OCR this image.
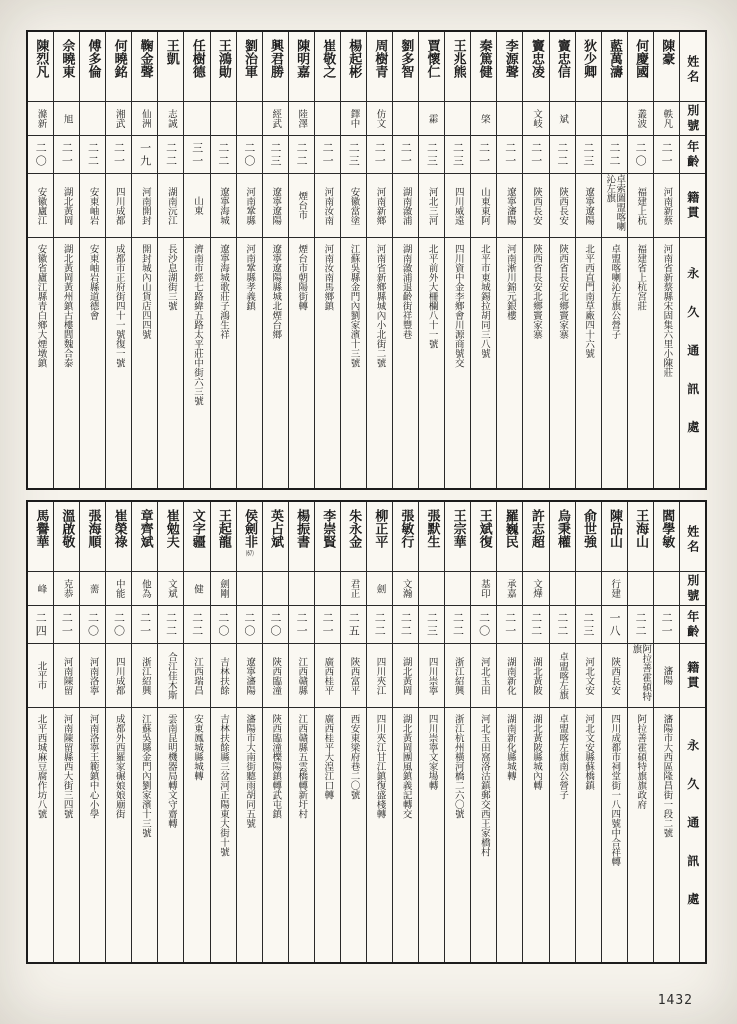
姓名
別號
年齡
籍貫
永久通訊處
陳豪
軼凡
二一
河南新蔡
河南省新蔡縣宋固集六里小陳莊
何慶國
叢波
二〇
福建上杭
福建省上杭宮莊
藍萬濤
二二
卓索圖盟喀喇沁左旗
卓盟喀喇沁左旗公營子
狄少卿
二三
遼寧遼陽
北平西直門南草廠四十六號
竇忠信
斌
二二
陝西長安
陝西省長安北鄉竇家寨
竇忠凌
文岐
二一
陝西長安
陝西省長安北鄉竇家寨
李源聲
二一
遼寧瀋陽
河南淅川錦元銀樓
秦篤健
棨
二一
山東東阿
北平市東城錫拉胡同三八號
王兆熊
二三
四川威遠
四川資中金李鄉會川源商號交
賈懷仁
霦
二三
河北三河
北平前外大柵欄八十一號
劉多智
二一
湖南漵浦
湖南漵浦退齡街祥豐巷
周樹青
仿文
二一
河南新鄉
河南省新鄉縣城內小北街二號
楊起彬
鐸中
二三
安徽當塗
江蘇吳縣金門內劉家濱十三號
崔敬之
二一
河南汝南
河南汝南馬鄉鎮
陳明嘉
陸澤
二二
煙台市
煙台市朝陽街轉
興君勝
經武
二三
遼寧遼陽
遼寧遼陽縣城北煙台鄉
劉治軍
二〇
河南鞏縣
河南鞏縣孝義鎮
王鴻勛
二二
遼寧海城
遼寧海城歌莊子鴻生祥
任樹德
三一
山東
濟南市經七路緯五路太平莊中街六三號
王凱
志誠
二二
湖南沅江
長沙息湖街三號
鞠金聲
仙洲
一九
河南開封
開封城內山貨店四四號
何曉銘
湘武
二一
四川成都
成都市正府街四十一號復一號
傅多倫
二二
安東岫岩
安東岫岩縣道德會
佘曉東
旭
二一
湖北黃岡
湖北黃岡黃州鎮古樓閭魏合泰
陳烈凡
滌新
二〇
安徽廬江
安徽省廬江縣青白鄉大煙墩鎮
姓名
別號
年齡
籍貫
永久通訊處
閻學敏
二一
瀋陽
瀋陽市大西區隆昌街一段二號
王海山
二二
阿拉善霍碩特旗
阿拉善霍碩特旗旗政府
陳品山
行建
一八
陝西長安
四川成都市祠堂街一八四號中合祥轉
俞世強
二三
河北文安
河北文安縣蘇橋鎮
烏秉權
二二
卓盟喀左旗
卓盟喀左旗南公營子
許志超
文燁
二二
湖北黃陂
湖北黃陂縣城內轉
羅巍民
承嘉
二一
湖南新化
湖南新化縣城轉
王斌復
基印
二〇
河北玉田
河北玉田窩洛沽鎮郵交西王家橋村
王宗華
二二
浙江紹興
浙江杭州橫河橋二六〇號
張默生
二三
四川崇寧
四川崇寧文家場轉
張敏行
文瀚
二二
湖北黃岡
湖北黃岡團風鎮義記轉交
柳正平
劍
二二
四川夾江
四川夾江甘江鎮復盛棧轉
朱永金
君正
二五
陝西富平
西安東梁府巷二〇號
李崇賢
二一
廣西桂平
廣西桂平大湟江口轉
楊振書
二一
江西贛縣
江西贛縣五雲橋轉新圩村
英占斌
二〇
陝西臨潼
陝西臨潼櫟陽鎮轉武屯鎮
侯劍非
(67)
二〇
遼寧瀋陽
瀋陽市大南街聽雨胡同五號
王起龍
劍剛
二〇
吉林扶餘
吉林扶餘縣三岔河正陽東大街十號
文字疆
健
二二
江西瑞昌
安東鳳城縣城轉
崔勉夫
文斌
二二
合江佳木斯
雲南昆明機器局轉文守齋轉
章齊斌
他為
二一
浙江紹興
江蘇吳縣金門內劉家濱十三號
崔榮祿
中能
二〇
四川成都
成都外西羅家碾娘娘廟街
張海順
薷
二〇
河南洛寧
河南洛寧王範鎮中心小學
溫啟敬
克恭
二一
河南陳留
河南陳留縣西大街三四號
馬譽華
峰
二四
北平市
北平西城麻豆腐作坊八號
1432
